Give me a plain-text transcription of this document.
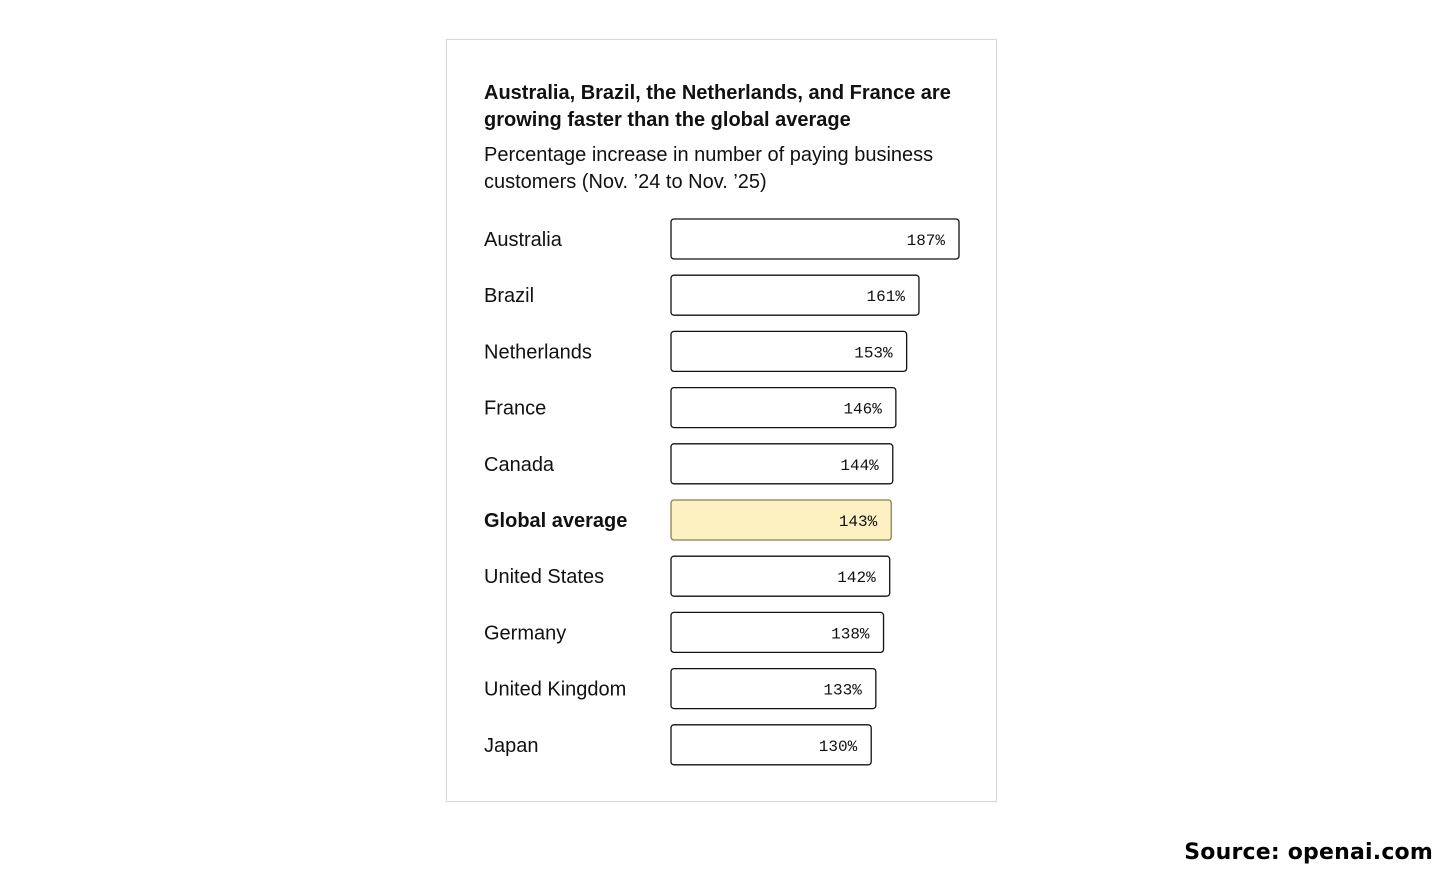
Australia, Brazil, the Netherlands, and France are growing faster than the global average

Percentage increase in number of paying business customers (Nov. ’24 to Nov. ’25)

Australia	187%
Brazil	161%
Netherlands	153%
France	146%
Canada	144%
Global average	143%
United States	142%
Germany	138%
United Kingdom	133%
Japan	130%
Source: openai.com
